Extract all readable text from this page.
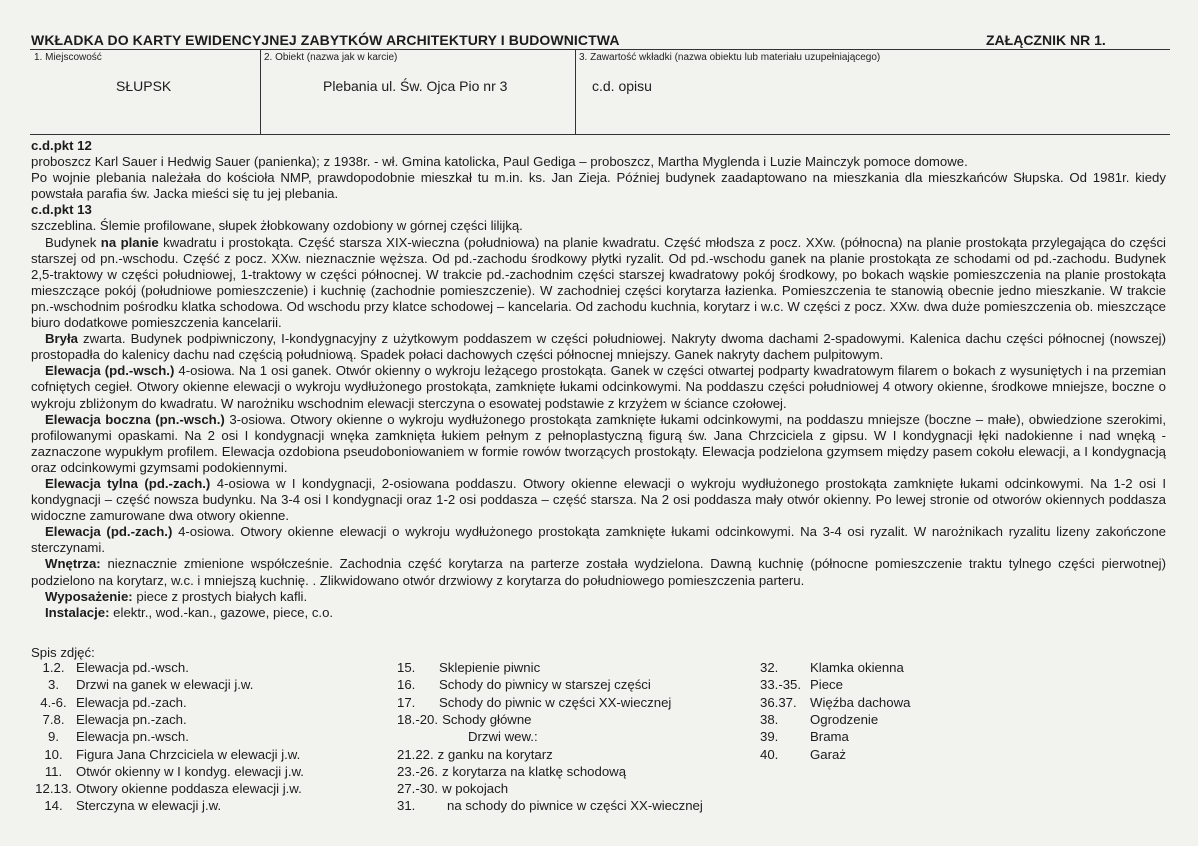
WKŁADKA DO KARTY EWIDENCYJNEJ ZABYTKÓW ARCHITEKTURY I BUDOWNICTWA	ZAŁĄCZNIK NR 1.
1. Miejscowość
SŁUPSK
2. Obiekt (nazwa jak w karcie)
Plebania ul. Św. Ojca Pio nr 3
3. Zawartość wkładki (nazwa obiektu lub materiału uzupełniającego)
c.d. opisu

c.d.pkt 12

proboszcz Karl Sauer i Hedwig Sauer (panienka); z 1938r. - wł. Gmina katolicka, Paul Gediga – proboszcz, Martha Myglenda i Luzie Mainczyk pomoce domowe.

Po wojnie plebania należała do kościoła NMP, prawdopodobnie mieszkał tu m.in. ks. Jan Zieja. Później budynek zaadaptowano na mieszkania dla mieszkańców Słupska. Od 1981r. kiedy powstała parafia św. Jacka mieści się tu jej plebania.

c.d.pkt 13

szczeblina. Ślemie profilowane, słupek żłobkowany ozdobiony w górnej części lilijką.

Budynek na planie kwadratu i prostokąta. Część starsza XIX-wieczna (południowa) na planie kwadratu. Część młodsza z pocz. XXw. (północna) na planie prostokąta przylegająca do części starszej od pn.-wschodu. Część z pocz. XXw. nieznacznie węższa. Od pd.-zachodu środkowy płytki ryzalit. Od pd.-wschodu ganek na planie prostokąta ze schodami od pd.-zachodu. Budynek 2,5-traktowy w części południowej, 1-traktowy w części północnej. W trakcie pd.-zachodnim części starszej kwadratowy pokój środkowy, po bokach wąskie pomieszczenia na planie prostokąta mieszczące pokój (południowe pomieszczenie) i kuchnię (zachodnie pomieszczenie). W zachodniej części korytarza łazienka. Pomieszczenia te stanowią obecnie jedno mieszkanie. W trakcie pn.-wschodnim pośrodku klatka schodowa. Od wschodu przy klatce schodowej – kancelaria. Od zachodu kuchnia, korytarz i w.c. W części z pocz. XXw. dwa duże pomieszczenia ob. mieszczące biuro dodatkowe pomieszczenia kancelarii.

Bryła zwarta. Budynek podpiwniczony, I-kondygnacyjny z użytkowym poddaszem w części południowej. Nakryty dwoma dachami 2-spadowymi. Kalenica dachu części północnej (nowszej) prostopadła do kalenicy dachu nad częścią południową. Spadek połaci dachowych części północnej mniejszy. Ganek nakryty dachem pulpitowym.

Elewacja (pd.-wsch.) 4-osiowa. Na 1 osi ganek. Otwór okienny o wykroju leżącego prostokąta. Ganek w części otwartej podparty kwadratowym filarem o bokach z wysuniętych i na przemian cofniętych cegieł. Otwory okienne elewacji o wykroju wydłużonego prostokąta, zamknięte łukami odcinkowymi. Na poddaszu części południowej 4 otwory okienne, środkowe mniejsze, boczne o wykroju zbliżonym do kwadratu. W narożniku wschodnim elewacji sterczyna o esowatej podstawie z krzyżem w ściance czołowej.

Elewacja boczna (pn.-wsch.) 3-osiowa. Otwory okienne o wykroju wydłużonego prostokąta zamknięte łukami odcinkowymi, na poddaszu mniejsze (boczne – małe), obwiedzione szerokimi, profilowanymi opaskami. Na 2 osi I kondygnacji wnęka zamknięta łukiem pełnym z pełnoplastyczną figurą św. Jana Chrzciciela z gipsu. W I kondygnacji łęki nadokienne i nad wnęką - zaznaczone wypukłym profilem. Elewacja ozdobiona pseudoboniowaniem w formie rowów tworzących prostokąty. Elewacja podzielona gzymsem między pasem cokołu elewacji, a I kondygnacją oraz odcinkowymi gzymsami podokiennymi.

Elewacja tylna (pd.-zach.) 4-osiowa w I kondygnacji, 2-osiowana poddaszu. Otwory okienne elewacji o wykroju wydłużonego prostokąta zamknięte łukami odcinkowymi. Na 1-2 osi I kondygnacji – część nowsza budynku. Na 3-4 osi I kondygnacji oraz 1-2 osi poddasza – część starsza. Na 2 osi poddasza mały otwór okienny. Po lewej stronie od otworów okiennych poddasza widoczne zamurowane dwa otwory okienne.

Elewacja (pd.-zach.) 4-osiowa. Otwory okienne elewacji o wykroju wydłużonego prostokąta zamknięte łukami odcinkowymi. Na 3-4 osi ryzalit. W narożnikach ryzalitu lizeny zakończone sterczynami.

Wnętrza: nieznacznie zmienione współcześnie. Zachodnia część korytarza na parterze została wydzielona. Dawną kuchnię (północne pomieszczenie traktu tylnego części pierwotnej) podzielono na korytarz, w.c. i mniejszą kuchnię. . Zlikwidowano otwór drzwiowy z korytarza do południowego pomieszczenia parteru.

Wyposażenie: piece z prostych białych kafli.

Instalacje: elektr., wod.-kan., gazowe, piece, c.o.

Spis zdjęć:
1.2. Elewacja pd.-wsch.
3. Drzwi na ganek w elewacji j.w.
4.-6. Elewacja pd.-zach.
7.8. Elewacja pn.-zach.
9. Elewacja pn.-wsch.
10. Figura Jana Chrzciciela w elewacji j.w.
11. Otwór okienny w I kondyg. elewacji j.w.
12.13. Otwory okienne poddasza elewacji j.w.
14. Sterczyna w elewacji j.w.
15. Sklepienie piwnic
16. Schody do piwnicy w starszej części
17. Schody do piwnic w części XX-wiecznej
18.-20. Schody główne
Drzwi wew.:
21.22. z ganku na korytarz
23.-26. z korytarza na klatkę schodową
27.-30. w pokojach
31. na schody do piwnice w części XX-wiecznej
32. Klamka okienna
33.-35. Piece
36.37. Więźba dachowa
38. Ogrodzenie
39. Brama
40. Garaż
